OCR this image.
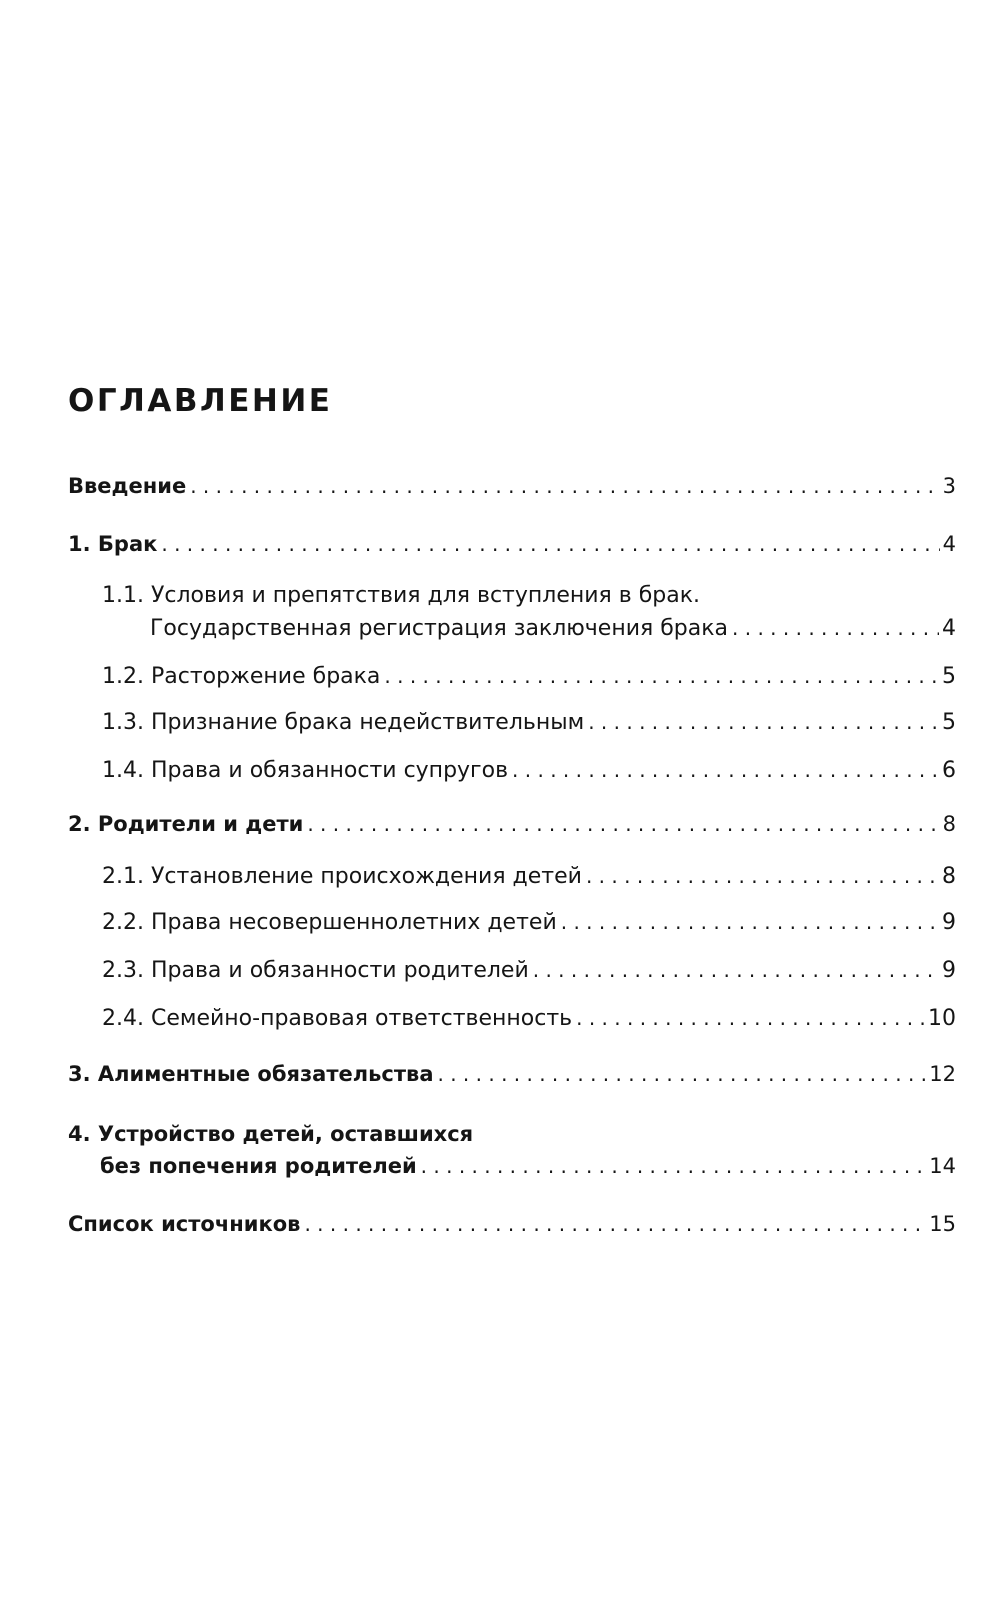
ОГЛАВЛЕНИЕ
Введение . . .	3
1. Брак . . .	4
1.1. Условия и препятствия для вступления в брак.
Государственная регистрация заключения брака . . .	4
1.2. Расторжение брака . . .	5
1.3. Признание брака недействительным . . .	5
1.4. Права и обязанности супругов . . .	6
2. Родители и дети . . .	8
2.1. Установление происхождения детей . . .	8
2.2. Права несовершеннолетних детей . . .	9
2.3. Права и обязанности родителей . . .	9
2.4. Семейно-правовая ответственность . . .	10
3. Алиментные обязательства . . .	12
4. Устройство детей, оставшихся
без попечения родителей . . .	14
Список источников . . .	15
